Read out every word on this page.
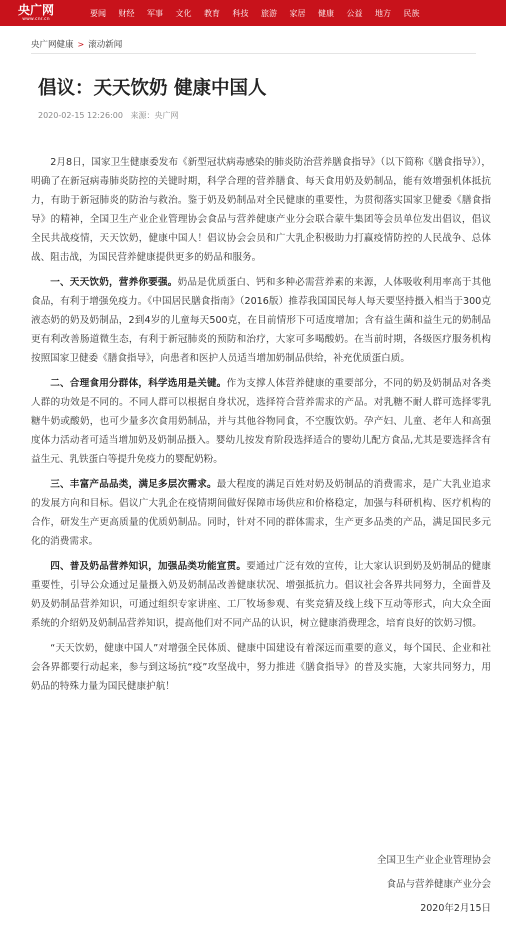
央广网
www.cnr.cn
要闻 财经 军事 文化 教育 科技 旅游 家居 健康 公益 地方 民族
央广网健康 > 滚动新闻
倡议：天天饮奶 健康中国人
2020-02-15 12:26:00 来源：央广网

2月8日，国家卫生健康委发布《新型冠状病毒感染的肺炎防治营养膳食指导》（以下简称《膳食指导》），明确了在新冠病毒肺炎防控的关键时期，科学合理的营养膳食、每天食用奶及奶制品，能有效增强机体抵抗力，有助于新冠肺炎的防治与救治。鉴于奶及奶制品对全民健康的重要性，为贯彻落实国家卫健委《膳食指导》的精神，全国卫生产业企业管理协会食品与营养健康产业分会联合蒙牛集团等会员单位发出倡议，倡议全民共战疫情，天天饮奶，健康中国人！倡议协会会员和广大乳企积极助力打赢疫情防控的人民战争、总体战、阻击战，为国民营养健康提供更多的奶品和服务。

一、天天饮奶，营养你要强。奶品是优质蛋白、钙和多种必需营养素的来源，人体吸收利用率高于其他食品，有利于增强免疫力。《中国居民膳食指南》（2016版）推荐我国国民每人每天要坚持摄入相当于300克液态奶的奶及奶制品，2到4岁的儿童每天500克，在目前情形下可适度增加；含有益生菌和益生元的奶制品更有利改善肠道微生态，有利于新冠肺炎的预防和治疗，大家可多喝酸奶。在当前时期，各级医疗服务机构按照国家卫健委《膳食指导》，向患者和医护人员适当增加奶制品供给，补充优质蛋白质。

二、合理食用分群体，科学选用是关键。作为支撑人体营养健康的重要部分，不同的奶及奶制品对各类人群的功效是不同的。不同人群可以根据自身状况，选择符合营养需求的产品。对乳糖不耐人群可选择零乳糖牛奶或酸奶，也可少量多次食用奶制品，并与其他谷物同食，不空腹饮奶。孕产妇、儿童、老年人和高强度体力活动者可适当增加奶及奶制品摄入。婴幼儿按发育阶段选择适合的婴幼儿配方食品,尤其是要选择含有益生元、乳铁蛋白等提升免疫力的婴配奶粉。

三、丰富产品品类，满足多层次需求。最大程度的满足百姓对奶及奶制品的消费需求，是广大乳业追求的发展方向和目标。倡议广大乳企在疫情期间做好保障市场供应和价格稳定，加强与科研机构、医疗机构的合作，研发生产更高质量的优质奶制品。同时，针对不同的群体需求，生产更多品类的产品，满足国民多元化的消费需求。

四、普及奶品营养知识，加强品类功能宣贯。要通过广泛有效的宣传，让大家认识到奶及奶制品的健康重要性，引导公众通过足量摄入奶及奶制品改善健康状况、增强抵抗力。倡议社会各界共同努力，全面普及奶及奶制品营养知识，可通过组织专家讲座、工厂牧场参观、有奖竞猜及线上线下互动等形式，向大众全面系统的介绍奶及奶制品营养知识，提高他们对不同产品的认识，树立健康消费理念，培育良好的饮奶习惯。

“天天饮奶，健康中国人”对增强全民体质、健康中国建设有着深远而重要的意义，每个国民、企业和社会各界都要行动起来，参与到这场抗“疫”攻坚战中，努力推进《膳食指导》的普及实施，大家共同努力，用奶品的特殊力量为国民健康护航！

全国卫生产业企业管理协会
食品与营养健康产业分会
2020年2月15日
